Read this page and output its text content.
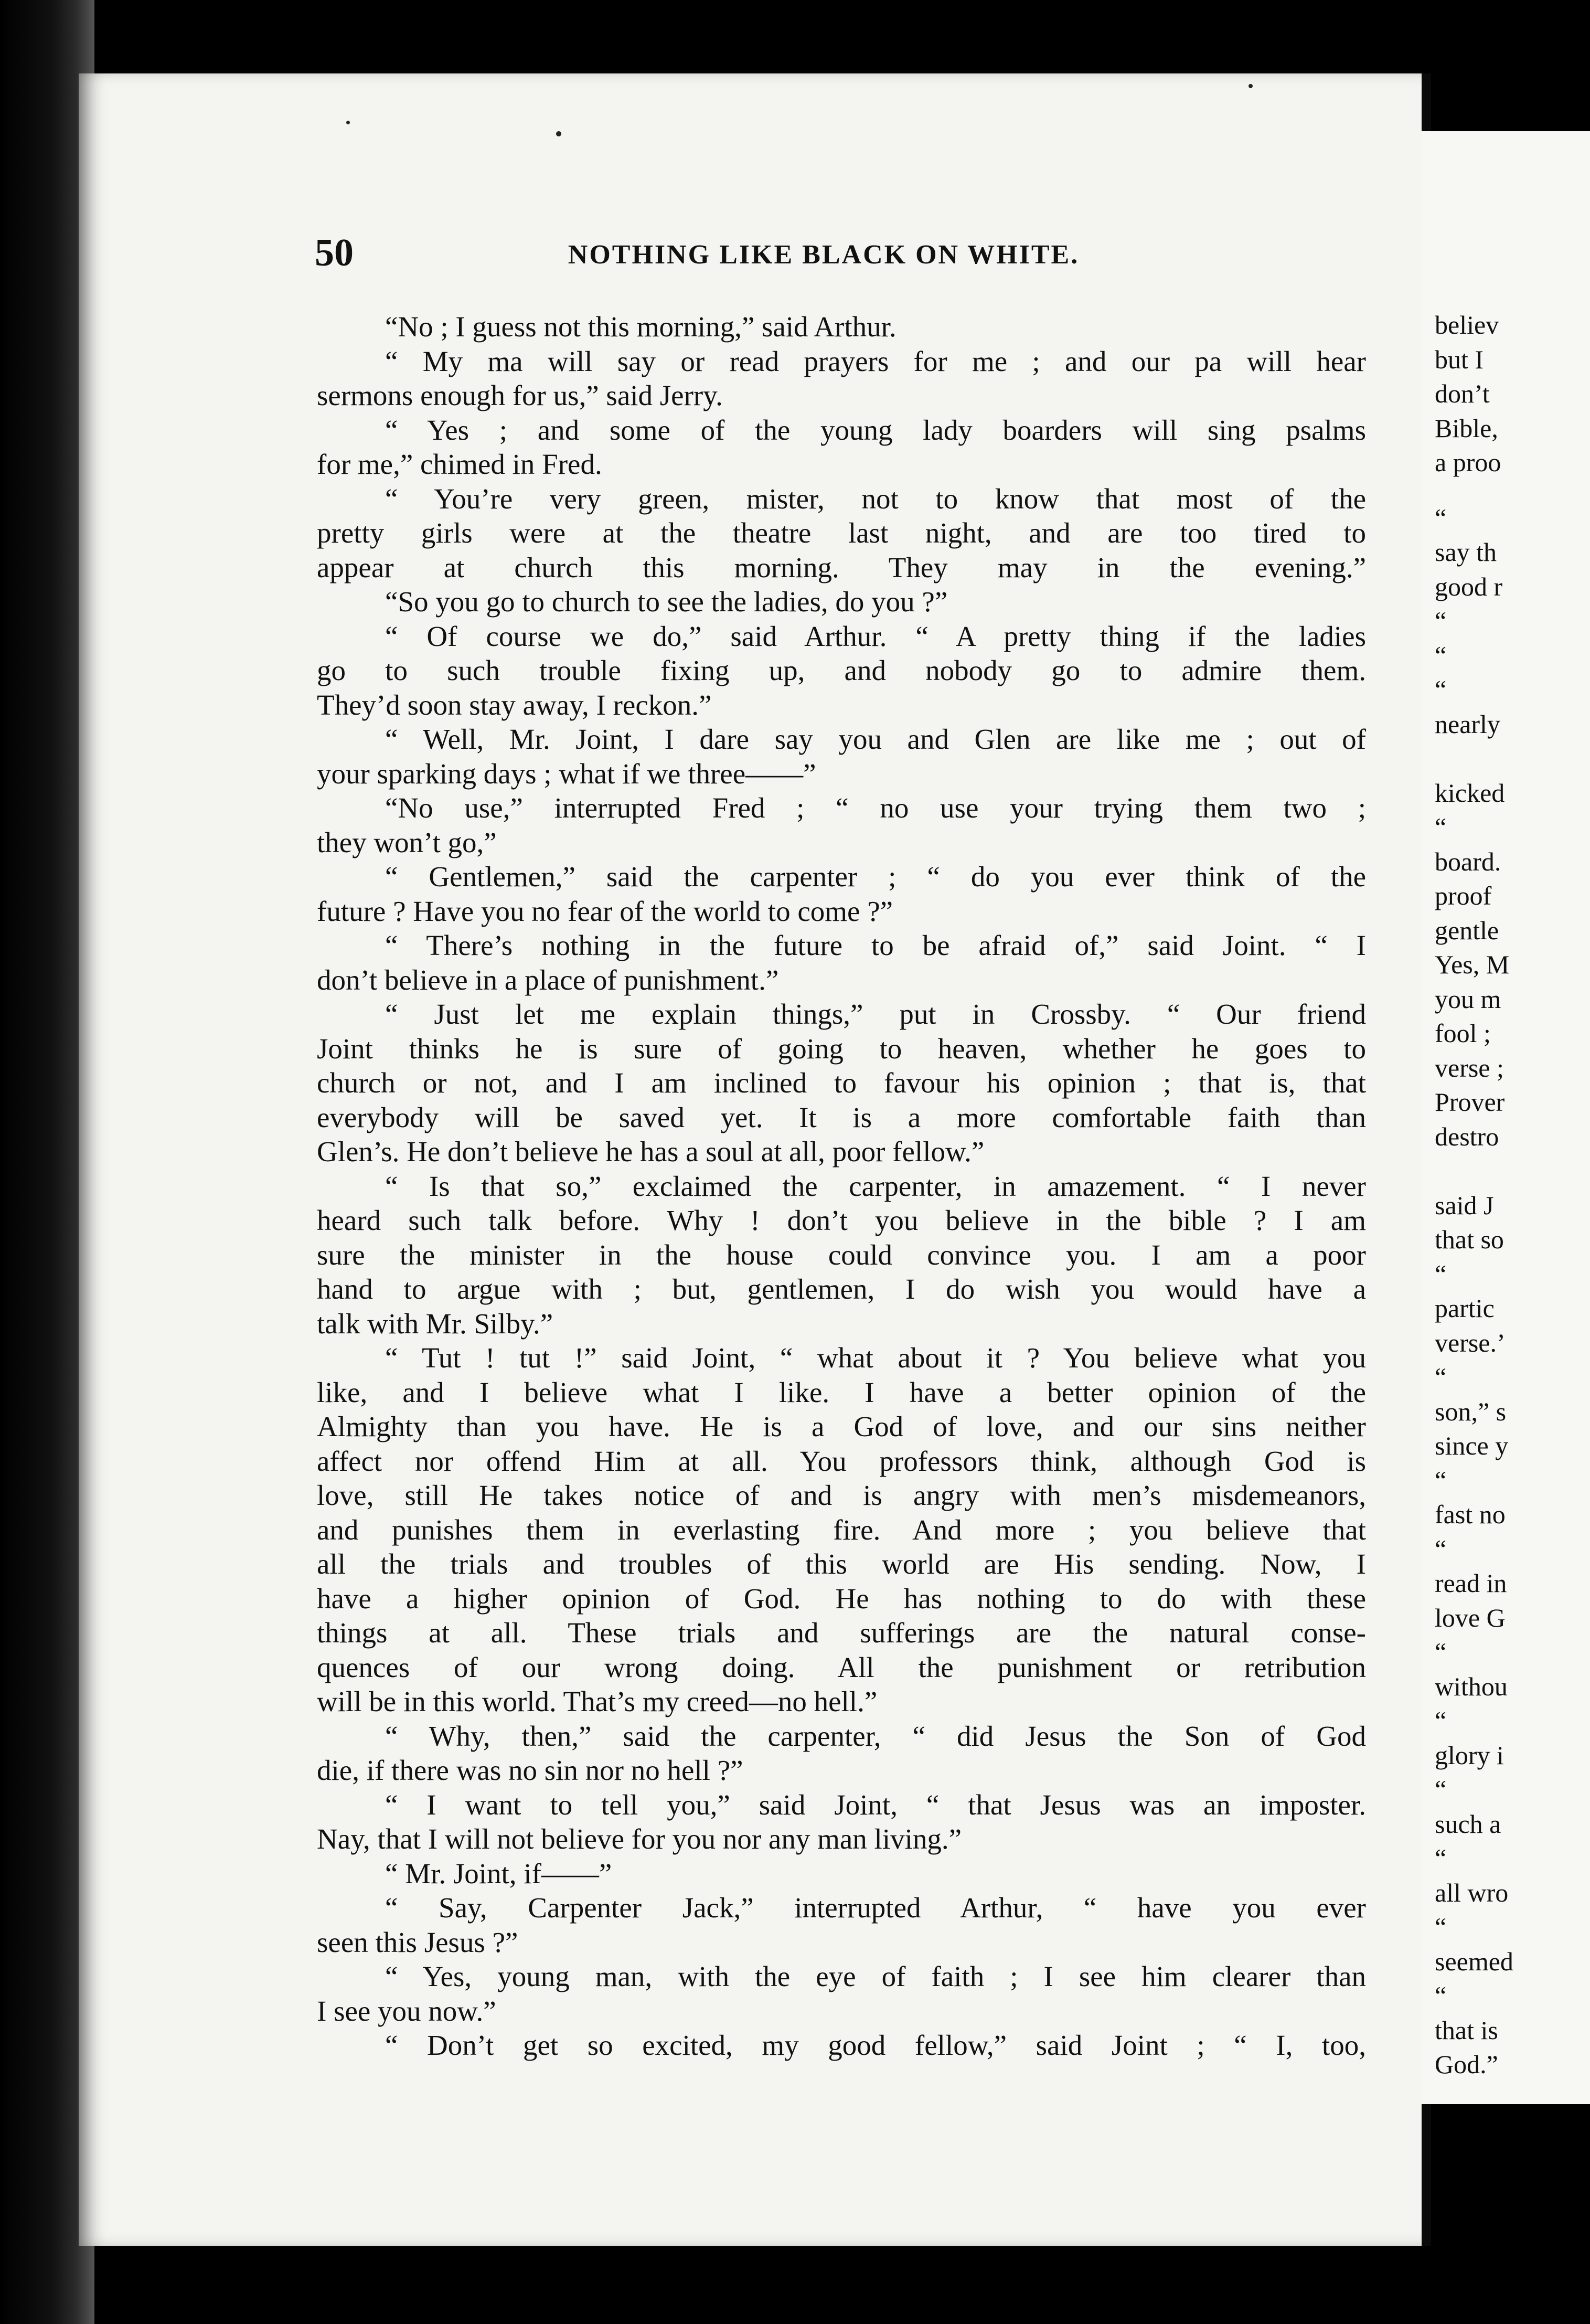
50	NOTHING LIKE BLACK ON WHITE.
“No ; I guess not this morning,” said Arthur.
“ My ma will say or read prayers for me ; and our pa will hear
sermons enough for us,” said Jerry.
“ Yes ; and some of the young lady boarders will sing psalms
for me,” chimed in Fred.
“ You’re very green, mister, not to know that most of the
pretty girls were at the theatre last night, and are too tired to
appear at church this morning. They may in the evening.”
“So you go to church to see the ladies, do you ?”
“ Of course we do,” said Arthur. “ A pretty thing if the ladies
go to such trouble fixing up, and nobody go to admire them.
They’d soon stay away, I reckon.”
“ Well, Mr. Joint, I dare say you and Glen are like me ; out of
your sparking days ; what if we three——”
“No use,” interrupted Fred ; “ no use your trying them two ;
they won’t go,”
“ Gentlemen,” said the carpenter ; “ do you ever think of the
future ? Have you no fear of the world to come ?”
“ There’s nothing in the future to be afraid of,” said Joint. “ I
don’t believe in a place of punishment.”
“ Just let me explain things,” put in Crossby. “ Our friend
Joint thinks he is sure of going to heaven, whether he goes to
church or not, and I am inclined to favour his opinion ; that is, that
everybody will be saved yet. It is a more comfortable faith than
Glen’s. He don’t believe he has a soul at all, poor fellow.”
“ Is that so,” exclaimed the carpenter, in amazement. “ I never
heard such talk before. Why ! don’t you believe in the bible ? I am
sure the minister in the house could convince you. I am a poor
hand to argue with ; but, gentlemen, I do wish you would have a
talk with Mr. Silby.”
“ Tut ! tut !” said Joint, “ what about it ? You believe what you
like, and I believe what I like. I have a better opinion of the
Almighty than you have. He is a God of love, and our sins neither
affect nor offend Him at all. You professors think, although God is
love, still He takes notice of and is angry with men’s misdemeanors,
and punishes them in everlasting fire. And more ; you believe that
all the trials and troubles of this world are His sending. Now, I
have a higher opinion of God. He has nothing to do with these
things at all. These trials and sufferings are the natural conse-
quences of our wrong doing. All the punishment or retribution
will be in this world. That’s my creed—no hell.”
“ Why, then,” said the carpenter, “ did Jesus the Son of God
die, if there was no sin nor no hell ?”
“ I want to tell you,” said Joint, “ that Jesus was an imposter.
Nay, that I will not believe for you nor any man living.”
“ Mr. Joint, if——”
“ Say, Carpenter Jack,” interrupted Arthur, “ have you ever
seen this Jesus ?”
“ Yes, young man, with the eye of faith ; I see him clearer than
I see you now.”
“ Don’t get so excited, my good fellow,” said Joint ; “ I, too,
believ
but I
don’t
Bible,
a proo
“
say th
good r
“
“
“
nearly
kicked
“
board.
proof
gentle
Yes, M
you m
fool ;
verse ;
Prover
destro
said J
that so
“
partic
verse.’
“
son,” s
since y
“
fast no
“
read in
love G
“
withou
“
glory i
“
such a
“
all wro
“
seemed
“
that is
God.”
